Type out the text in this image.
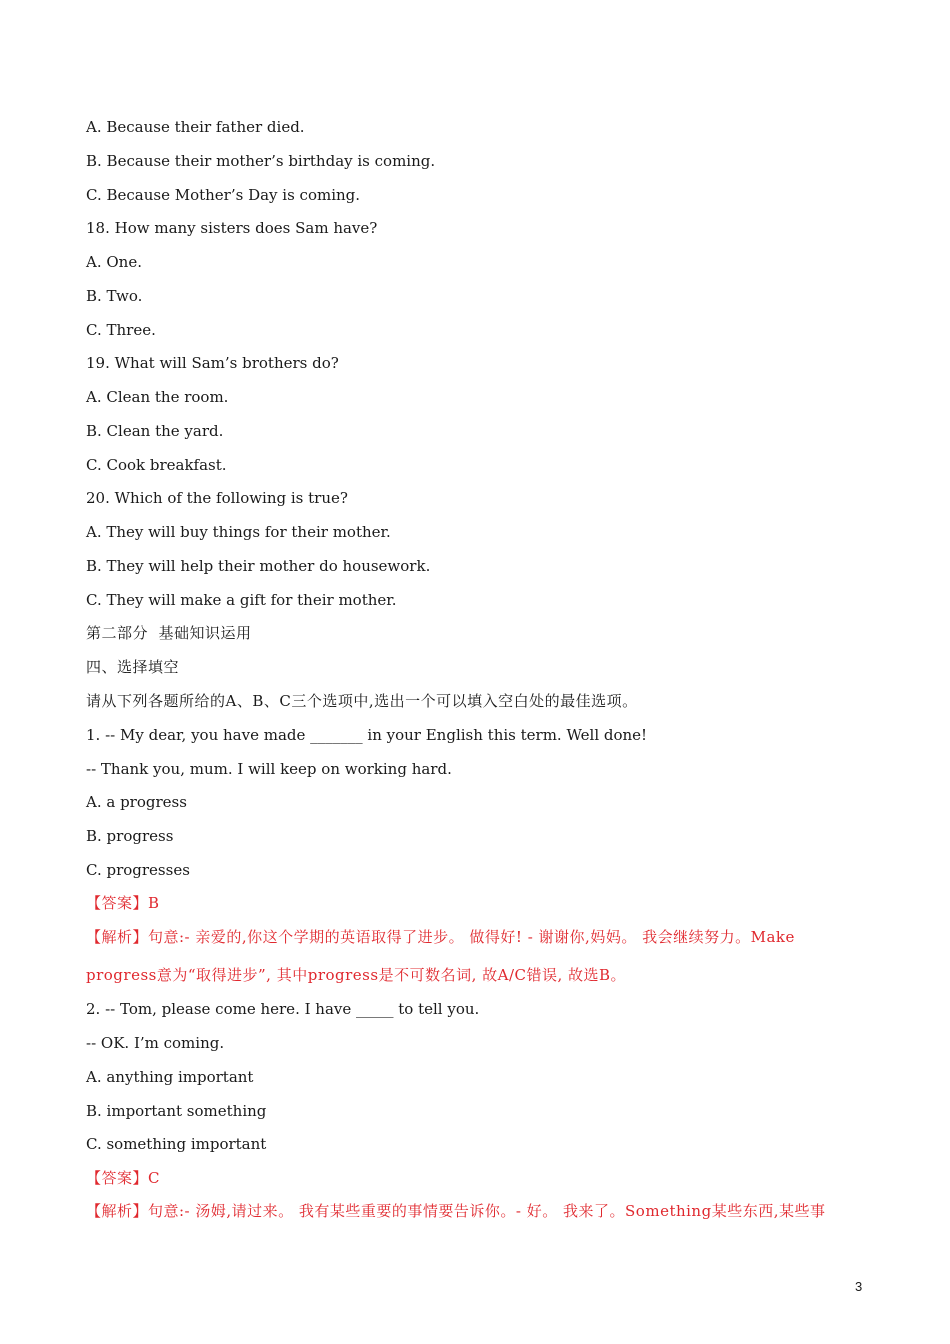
A. Because their father died.
B. Because their mother’s birthday is coming.
C. Because Mother’s Day is coming.
18. How many sisters does Sam have?
A. One.
B. Two.
C. Three.
19. What will Sam’s brothers do?
A. Clean the room.
B. Clean the yard.
C. Cook breakfast.
20. Which of the following is true?
A. They will buy things for their mother.
B. They will help their mother do housework.
C. They will make a gift for their mother.
第二部分  基础知识运用
四、选择填空
请从下列各题所给的A、B、C三个选项中,选出一个可以填入空白处的最佳选项。
1. -- My dear, you have made _______ in your English this term. Well done!
-- Thank you, mum. I will keep on working hard.
A. a progress
B. progress
C. progresses
【答案】B
【解析】句意:- 亲爱的,你这个学期的英语取得了进步。 做得好! - 谢谢你,妈妈。 我会继续努力。Make
progress意为“取得进步”, 其中progress是不可数名词, 故A/C错误, 故选B。
2. -- Tom, please come here. I have _____ to tell you.
-- OK. I’m coming.
A. anything important
B. important something
C. something important
【答案】C
【解析】句意:- 汤姆,请过来。 我有某些重要的事情要告诉你。- 好。 我来了。Something某些东西,某些事
3
